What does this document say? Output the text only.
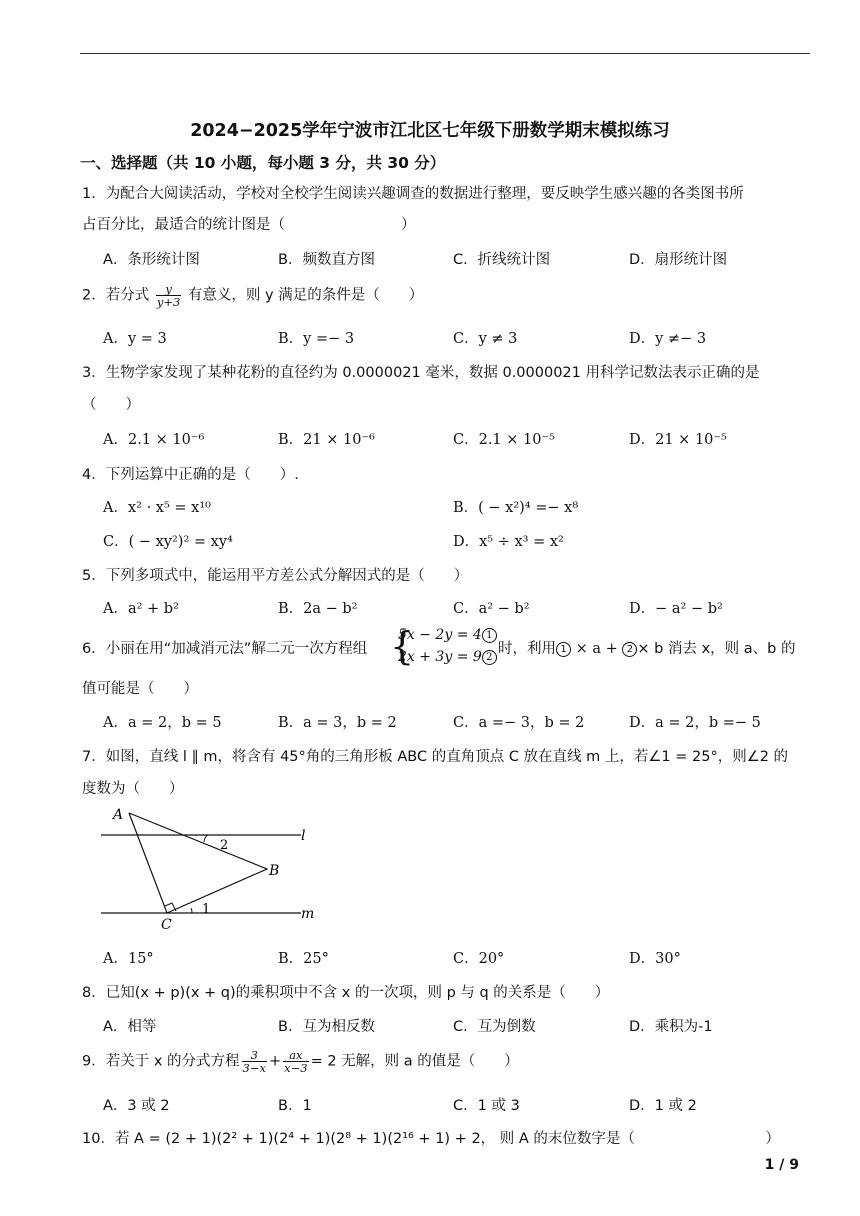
2024−2025学年宁波市江北区七年级下册数学期末模拟练习
一、选择题（共 10 小题，每小题 3 分，共 30 分）
1．为配合大阅读活动，学校对全校学生阅读兴趣调查的数据进行整理，要反映学生感兴趣的各类图书所
占百分比，最适合的统计图是（　　　　　　　　）
A．条形统计图	B．频数直方图	C．折线统计图	D．扇形统计图
2．若分式 $\frac{y}{y+3}$ 有意义，则 y 满足的条件是（　　）
A．y = 3	B．y =− 3	C．y ≠ 3	D．y ≠− 3
3．生物学家发现了某种花粉的直径约为 0.0000021 毫米，数据 0.0000021 用科学记数法表示正确的是
（　　）
A．2.1 × 10⁻⁶	B．21 × 10⁻⁶	C．2.1 × 10⁻⁵	D．21 × 10⁻⁵
4．下列运算中正确的是（　　）.
A．x² · x⁵ = x¹⁰	B．( − x²)⁴ =− x⁸
C．( − xy²)² = xy⁴	D．x⁵ ÷ x³ = x²
5．下列多项式中，能运用平方差公式分解因式的是（　　）
A．a² + b²	B．2a − b²	C．a² − b²	D．− a² − b²
6．小丽在用“加减消元法”解二元一次方程组 {
5x − 2y = 4 1
2x + 3y = 9 2 时，利用 1 × a + 2 × b 消去 x，则 a、b 的
值可能是（　　）
A．a = 2，b = 5	B．a = 3，b = 2	C．a =− 3，b = 2	D．a = 2，b =− 5
7．如图，直线 l ∥ m，将含有 45°角的三角形板 ABC 的直角顶点 C 放在直线 m 上，若∠1 = 25°，则∠2 的
度数为（　　）
A
B
C
l
m
1
2
A．15°	B．25°	C．20°	D．30°
8．已知(x + p)(x + q)的乘积项中不含 x 的一次项，则 p 与 q 的关系是（　　）
A．相等	B．互为相反数	C．互为倒数	D．乘积为-1
9．若关于 x 的分式方程 $\frac{3}{3-x} + \frac{ax}{x-3} = 2$ 无解，则 a 的值是（　　）
A．3 或 2	B．1	C．1 或 3	D．1 或 2
10．若 A = (2 + 1)(2² + 1)(2⁴ + 1)(2⁸ + 1)(2¹⁶ + 1) + 2， 则 A 的末位数字是（　　　　　　　　　）
1 / 9
